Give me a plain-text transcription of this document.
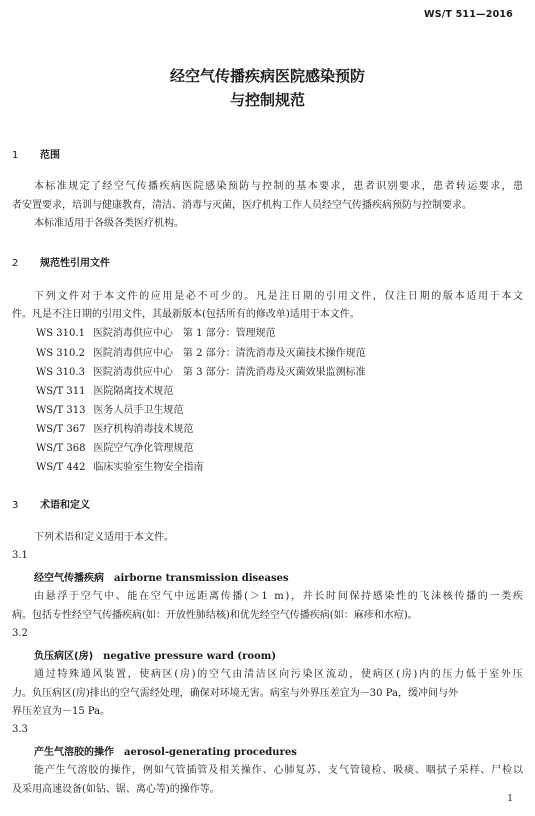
WS/T 511—2016
经空气传播疾病医院感染预防
与控制规范
1 范围
本标准规定了经空气传播疾病医院感染预防与控制的基本要求，患者识别要求，患者转运要求，患
者安置要求，培训与健康教育，清洁、消毒与灭菌，医疗机构工作人员经空气传播疾病预防与控制要求。
本标准适用于各级各类医疗机构。
2 规范性引用文件
下列文件对于本文件的应用是必不可少的。凡是注日期的引用文件，仅注日期的版本适用于本文
件。凡是不注日期的引用文件，其最新版本(包括所有的修改单)适用于本文件。
WS 310.1 医院消毒供应中心　第 1 部分：管理规范
WS 310.2 医院消毒供应中心　第 2 部分：清洗消毒及灭菌技术操作规范
WS 310.3 医院消毒供应中心　第 3 部分：清洗消毒及灭菌效果监测标准
WS/T 311 医院隔离技术规范
WS/T 313 医务人员手卫生规范
WS/T 367 医疗机构消毒技术规范
WS/T 368 医院空气净化管理规范
WS/T 442 临床实验室生物安全指南
3 术语和定义
下列术语和定义适用于本文件。
3.1
经空气传播疾病 airborne transmission diseases
由悬浮于空气中、能在空气中远距离传播(＞1 m)，并长时间保持感染性的飞沫核传播的一类疾
病。包括专性经空气传播疾病(如：开放性肺结核)和优先经空气传播疾病(如：麻疹和水痘)。
3.2
负压病区(房) negative pressure ward (room)
通过特殊通风装置，使病区(房)的空气由清洁区向污染区流动，使病区(房)内的压力低于室外压
力。负压病区(房)排出的空气需经处理，确保对环境无害。病室与外界压差宜为－30 Pa，缓冲间与外
界压差宜为－15 Pa。
3.3
产生气溶胶的操作 aerosol-generating procedures
能产生气溶胶的操作，例如气管插管及相关操作、心肺复苏、支气管镜检、吸痰、咽拭子采样、尸检以
及采用高速设备(如钻、锯、离心等)的操作等。
1
